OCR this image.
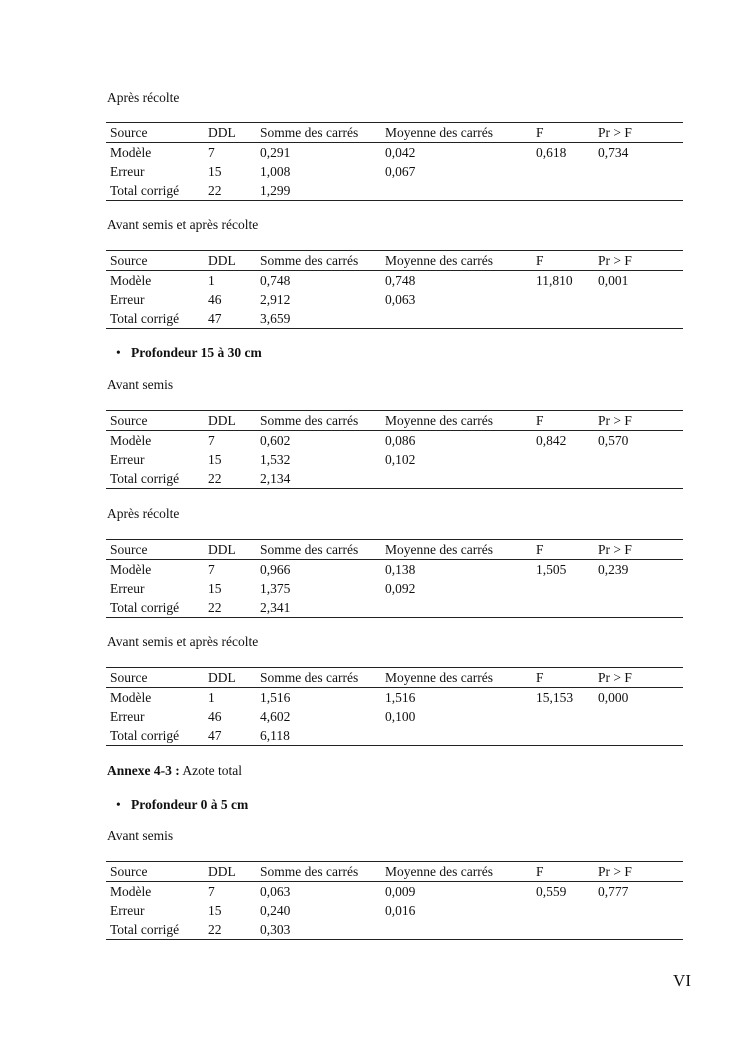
Après récolte
Source	DDL	Somme des carrés	Moyenne des carrés	F	Pr > F
Modèle	7	0,291	0,042	0,618	0,734
Erreur	15	1,008	0,067		
Total corrigé	22	1,299			
Avant semis et après récolte
Source	DDL	Somme des carrés	Moyenne des carrés	F	Pr > F
Modèle	1	0,748	0,748	11,810	0,001
Erreur	46	2,912	0,063		
Total corrigé	47	3,659			
• Profondeur 15 à 30 cm
Avant semis
Source	DDL	Somme des carrés	Moyenne des carrés	F	Pr > F
Modèle	7	0,602	0,086	0,842	0,570
Erreur	15	1,532	0,102		
Total corrigé	22	2,134			
Après récolte
Source	DDL	Somme des carrés	Moyenne des carrés	F	Pr > F
Modèle	7	0,966	0,138	1,505	0,239
Erreur	15	1,375	0,092		
Total corrigé	22	2,341			
Avant semis et après récolte
Source	DDL	Somme des carrés	Moyenne des carrés	F	Pr > F
Modèle	1	1,516	1,516	15,153	0,000
Erreur	46	4,602	0,100		
Total corrigé	47	6,118			
Annexe 4-3 : Azote total
• Profondeur 0 à 5 cm
Avant semis
Source	DDL	Somme des carrés	Moyenne des carrés	F	Pr > F
Modèle	7	0,063	0,009	0,559	0,777
Erreur	15	0,240	0,016		
Total corrigé	22	0,303			
VI
